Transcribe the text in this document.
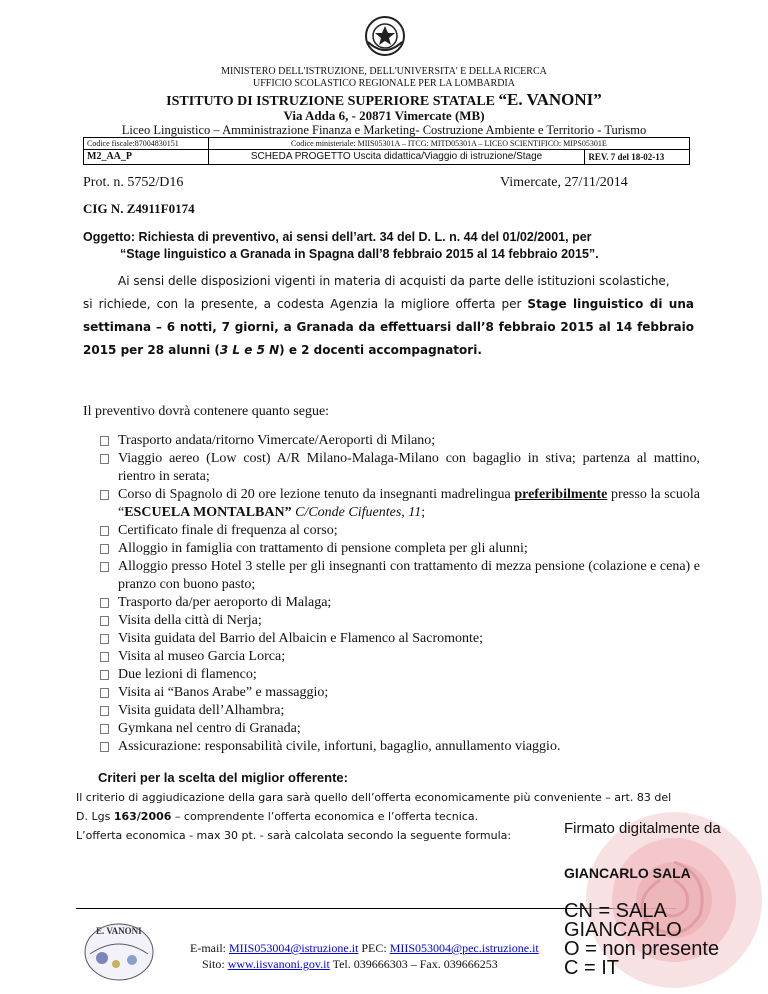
MINISTERO DELL'ISTRUZIONE, DELL'UNIVERSITA' E DELLA RICERCA
UFFICIO SCOLASTICO REGIONALE PER LA LOMBARDIA
ISTITUTO DI ISTRUZIONE SUPERIORE STATALE “E. VANONI”
Via Adda 6, - 20871 Vimercate (MB)
Liceo Linguistico – Amministrazione Finanza e Marketing- Costruzione Ambiente e Territorio - Turismo
Codice fiscale:87004830151	Codice ministeriale: MIIS05301A – ITCG: MITD05301A – LICEO SCIENTIFICO: MIPS05301E	
M2_AA_P	SCHEDA PROGETTO Uscita didattica/Viaggio di istruzione/Stage	REV. 7 del 18-02-13
Prot. n. 5752/D16	Vimercate, 27/11/2014
CIG N. Z4911F0174
Oggetto: Richiesta di preventivo, ai sensi dell’art. 34 del D. L. n. 44 del 01/02/2001, per
“Stage linguistico a Granada in Spagna dall’8 febbraio 2015 al 14 febbraio 2015”.
Ai sensi delle disposizioni vigenti in materia di acquisti da parte delle istituzioni scolastiche,
si richiede, con la presente, a codesta Agenzia la migliore offerta per Stage linguistico di una
settimana – 6 notti, 7 giorni, a Granada da effettuarsi dall’8 febbraio 2015 al 14 febbraio
2015 per 28 alunni (3 L e 5 N) e 2 docenti accompagnatori.
Il preventivo dovrà contenere quanto segue:
Trasporto andata/ritorno Vimercate/Aeroporti di Milano;
Viaggio aereo (Low cost) A/R Milano-Malaga-Milano con bagaglio in stiva; partenza al mattino, rientro in serata;
Corso di Spagnolo di 20 ore lezione tenuto da insegnanti madrelingua preferibilmente presso la scuola “ESCUELA MONTALBAN” C/Conde Cifuentes, 11;
Certificato finale di frequenza al corso;
Alloggio in famiglia con trattamento di pensione completa per gli alunni;
Alloggio presso Hotel 3 stelle per gli insegnanti con trattamento di mezza pensione (colazione e cena) e pranzo con buono pasto;
Trasporto da/per aeroporto di Malaga;
Visita della città di Nerja;
Visita guidata del Barrio del Albaicin e Flamenco al Sacromonte;
Visita al museo Garcia Lorca;
Due lezioni di flamenco;
Visita ai “Banos Arabe” e massaggio;
Visita guidata dell’Alhambra;
Gymkana nel centro di Granada;
Assicurazione: responsabilità civile, infortuni, bagaglio, annullamento viaggio.
Criteri per la scelta del miglior offerente:
Il criterio di aggiudicazione della gara sarà quello dell’offerta economicamente più conveniente – art. 83 del
D. Lgs 163/2006 – comprendente l’offerta economica e l’offerta tecnica.
L’offerta economica - max 30 pt. - sarà calcolata secondo la seguente formula:
E. VANONI
E-mail: MIIS053004@istruzione.it PEC: MIIS053004@pec.istruzione.it
Sito: www.iisvanoni.gov.it Tel. 039666303 – Fax. 039666253
Firmato digitalmente da
GIANCARLO SALA
CN = SALA
GIANCARLO
O = non presente
C = IT
